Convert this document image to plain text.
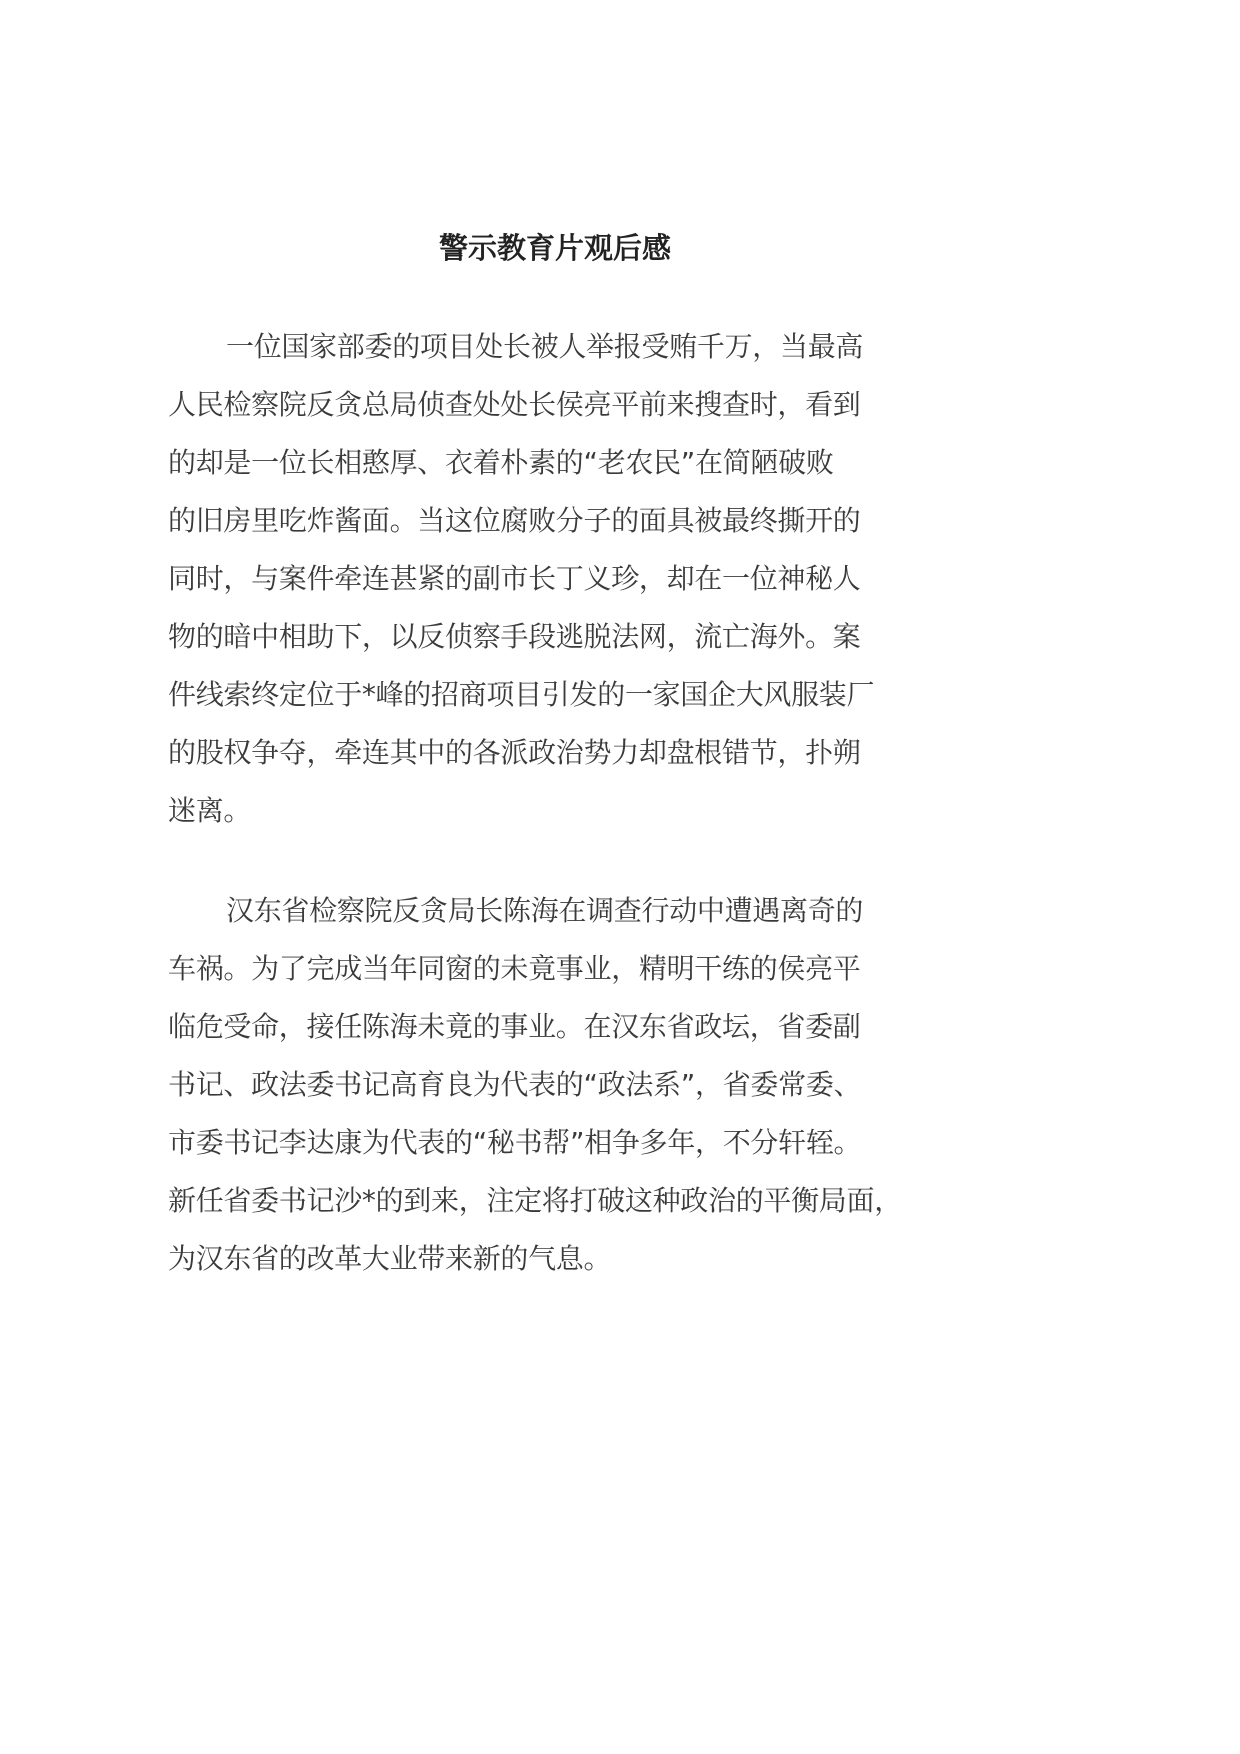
警示教育片观后感
一位国家部委的项目处长被人举报受贿千万，当最高
人民检察院反贪总局侦查处处长侯亮平前来搜查时，看到
的却是一位长相憨厚、衣着朴素的“老农民”在简陋破败
的旧房里吃炸酱面。当这位腐败分子的面具被最终撕开的
同时，与案件牵连甚紧的副市长丁义珍，却在一位神秘人
物的暗中相助下，以反侦察手段逃脱法网，流亡海外。案
件线索终定位于*峰的招商项目引发的一家国企大风服装厂
的股权争夺，牵连其中的各派政治势力却盘根错节，扑朔
迷离。
汉东省检察院反贪局长陈海在调查行动中遭遇离奇的
车祸。为了完成当年同窗的未竟事业，精明干练的侯亮平
临危受命，接任陈海未竟的事业。在汉东省政坛，省委副
书记、政法委书记高育良为代表的“政法系”，省委常委、
市委书记李达康为代表的“秘书帮”相争多年，不分轩轾。
新任省委书记沙*的到来，注定将打破这种政治的平衡局面，
为汉东省的改革大业带来新的气息。
